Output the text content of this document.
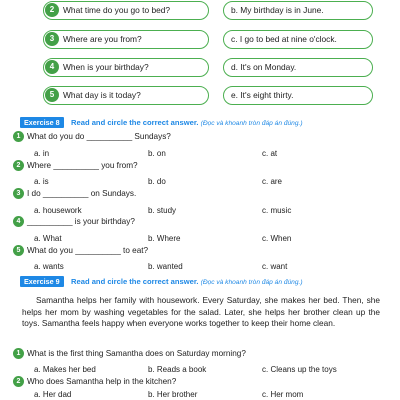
2	What time do you go to bed?	b. My birthday is in June.
3	Where are you from?	c. I go to bed at nine o'clock.
4	When is your birthday?	d. It's on Monday.
5	What day is it today?	e. It's eight thirty.
Exercise 8 Read and circle the correct answer. (Đọc và khoanh tròn đáp án đúng.)
1 What do you do __________ Sundays?
a. in	b. on	c. at
2 Where __________ you from?
a. is	b. do	c. are
3 I do __________ on Sundays.
a. housework	b. study	c. music
4 __________ is your birthday?
a. What	b. Where	c. When
5 What do you __________ to eat?
a. wants	b. wanted	c. want
Exercise 9 Read and circle the correct answer. (Đọc và khoanh tròn đáp án đúng.)

Samantha helps her family with housework. Every Saturday, she makes her bed. Then, she helps her mom by washing vegetables for the salad. Later, she helps her brother clean up the toys. Samantha feels happy when everyone works together to keep their home clean.

1 What is the first thing Samantha does on Saturday morning?
a. Makes her bed	b. Reads a book	c. Cleans up the toys
2 Who does Samantha help in the kitchen?
a. Her dad	b. Her brother	c. Her mom
